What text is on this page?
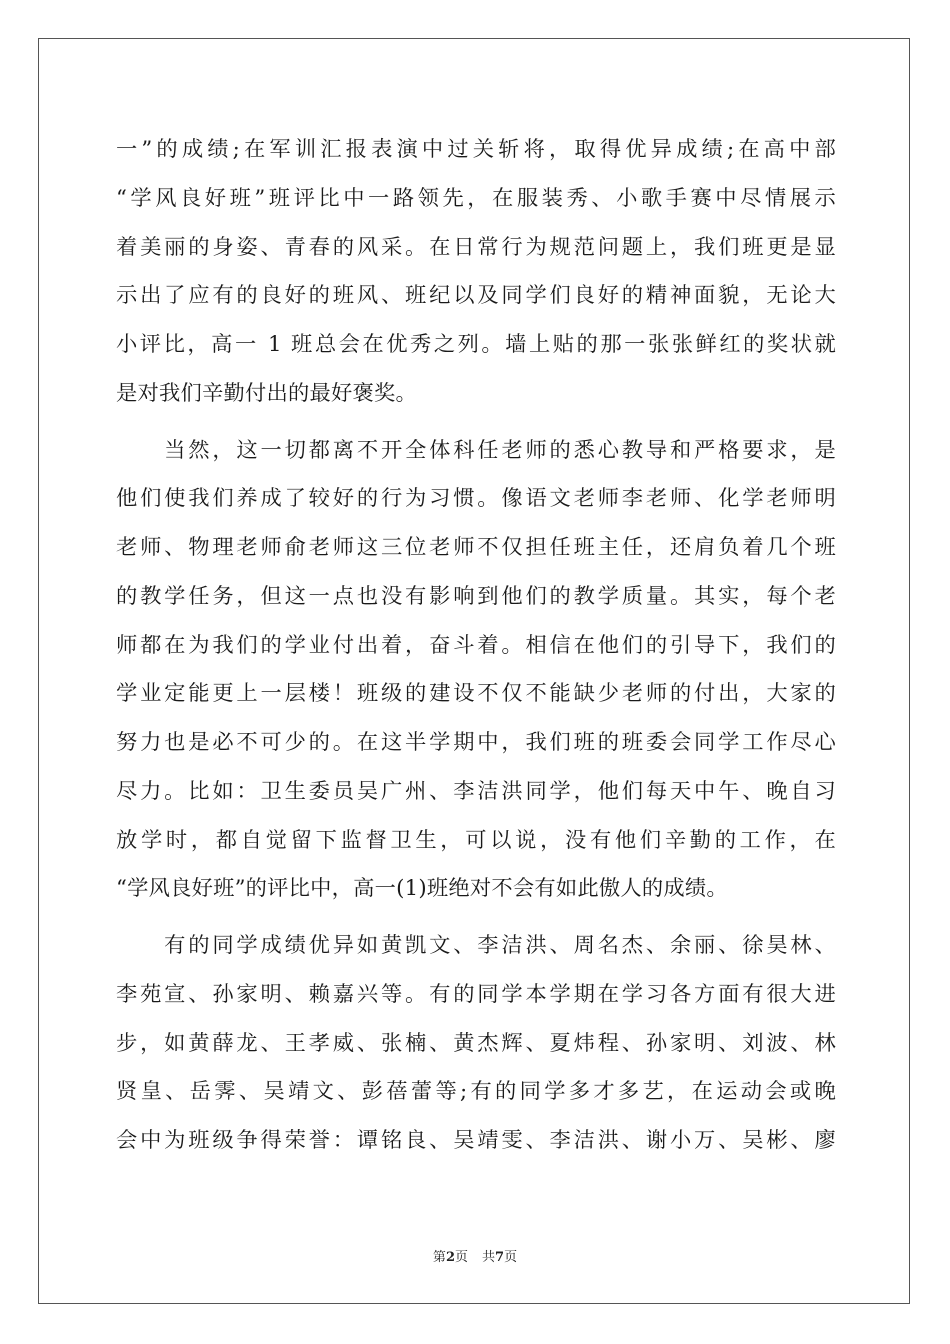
一”的成绩;在军训汇报表演中过关斩将，取得优异成绩;在高中部
“学风良好班”班评比中一路领先，在服装秀、小歌手赛中尽情展示
着美丽的身姿、青春的风采。在日常行为规范问题上，我们班更是显
示出了应有的良好的班风、班纪以及同学们良好的精神面貌，无论大
小评比，高一 1 班总会在优秀之列。墙上贴的那一张张鲜红的奖状就
是对我们辛勤付出的最好褒奖。
　　当然，这一切都离不开全体科任老师的悉心教导和严格要求，是
他们使我们养成了较好的行为习惯。像语文老师李老师、化学老师明
老师、物理老师俞老师这三位老师不仅担任班主任，还肩负着几个班
的教学任务，但这一点也没有影响到他们的教学质量。其实，每个老
师都在为我们的学业付出着，奋斗着。相信在他们的引导下，我们的
学业定能更上一层楼！班级的建设不仅不能缺少老师的付出，大家的
努力也是必不可少的。在这半学期中，我们班的班委会同学工作尽心
尽力。比如：卫生委员吴广州、李洁洪同学，他们每天中午、晚自习
放学时，都自觉留下监督卫生，可以说，没有他们辛勤的工作，在
“学风良好班”的评比中，高一(1)班绝对不会有如此傲人的成绩。
　　有的同学成绩优异如黄凯文、李洁洪、周名杰、余丽、徐昊林、
李苑宣、孙家明、赖嘉兴等。有的同学本学期在学习各方面有很大进
步，如黄薛龙、王孝威、张楠、黄杰辉、夏炜程、孙家明、刘波、林
贤皇、岳霁、吴靖文、彭蓓蕾等;有的同学多才多艺，在运动会或晚
会中为班级争得荣誉：谭铭良、吴靖雯、李洁洪、谢小万、吴彬、廖
第2页 共7页
